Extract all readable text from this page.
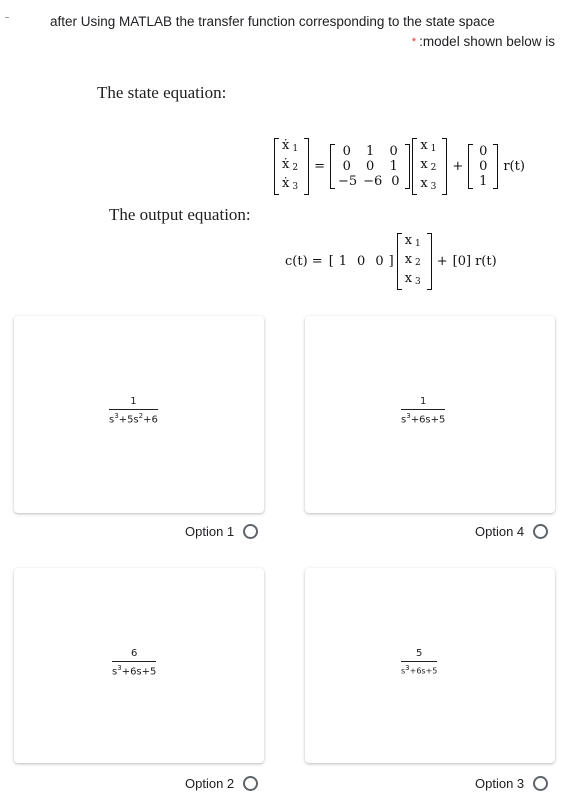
after Using MATLAB the transfer function corresponding to the state space
* :model shown below is
The state equation:
ẋ $_1$
ẋ $_2$
ẋ $_3$
=
0	1	0
0	0	1
−5 −6 0
x $_1$
x $_2$
x $_3$
+
0
0
1
r(t)
The output equation:
c(t) = [ 1 0 0 ]
x $_1$
x $_2$
x $_3$
+ [0] r(t)
1
$s^3+5s^2+6$
1
$s^3+6s+5$
Option 1	Option 4
6
$s^3+6s+5$
5
$s^3+6s+5$
Option 2	Option 3
